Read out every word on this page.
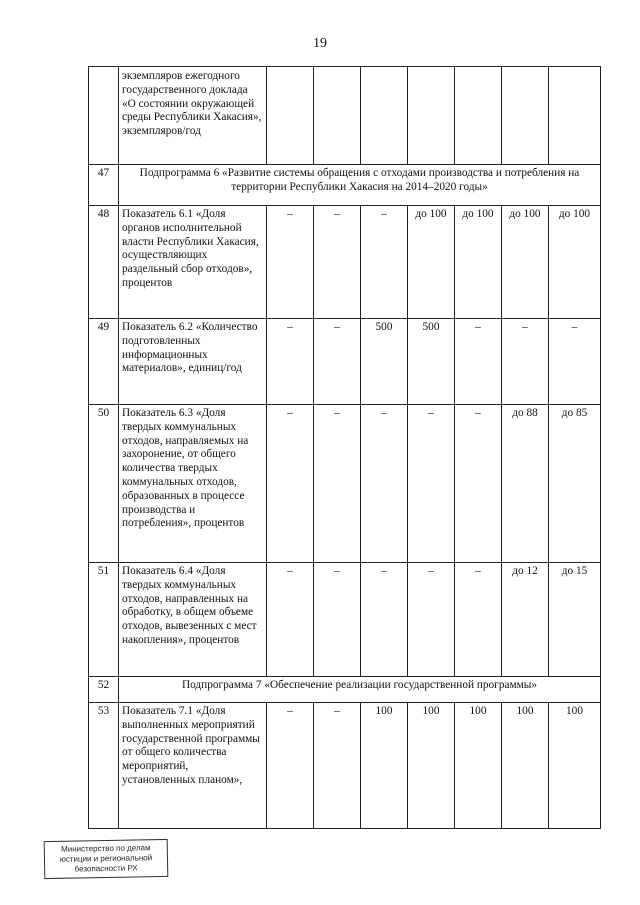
19
	экземпляров ежегодного государственного доклада «О состоянии окружающей среды Республики Хакасия», экземпляров/год							
47	Подпрограмма 6 «Развитие системы обращения с отходами производства и потребления на территории Республики Хакасия на 2014–2020 годы»							
48	Показатель 6.1 «Доля органов исполнительной власти Республики Хакасия, осуществляющих раздельный сбор отходов», процентов	–	–	–	до 100	до 100	до 100	до 100
49	Показатель 6.2 «Количество подготовленных информационных материалов», единиц/год	–	–	500	500	–	–	–
50	Показатель 6.3 «Доля твердых коммунальных отходов, направляемых на захоронение, от общего количества твердых коммунальных отходов, образованных в процессе производства и потребления», процентов	–	–	–	–	–	до 88	до 85
51	Показатель 6.4 «Доля твердых коммунальных отходов, направленных на обработку, в общем объеме отходов, вывезенных с мест накопления», процентов	–	–	–	–	–	до 12	до 15
52	Подпрограмма 7 «Обеспечение реализации государственной программы»							
53	Показатель 7.1 «Доля выполненных мероприятий государственной программы от общего количества мероприятий, установленных планом»,	–	–	100	100	100	100	100
Министерство по делам
юстиции и региональной
безопасности РХ
